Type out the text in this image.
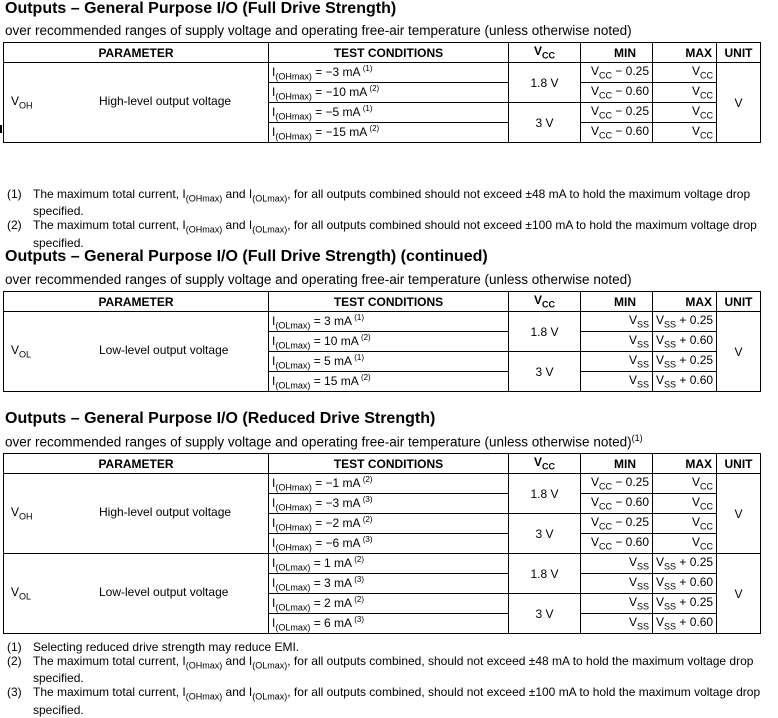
Outputs – General Purpose I/O (Full Drive Strength)
over recommended ranges of supply voltage and operating free-air temperature (unless otherwise noted)
PARAMETER	TEST CONDITIONS	$V_{CC}$	MIN	MAX	UNIT

$V_{OH}$ High-level output voltage	$I_{(OHmax)} = -3$ mA $^{(1)}$	1.8 V	$V_{CC} - 0.25$	$V_{CC}$	V
	$I_{(OHmax)} = -10$ mA $^{(2)}$		$V_{CC} - 0.60$	$V_{CC}$
	$I_{(OHmax)} = -5$ mA $^{(1)}$	3 V	$V_{CC} - 0.25$	$V_{CC}$
	$I_{(OHmax)} = -15$ mA $^{(2)}$		$V_{CC} - 0.60$	$V_{CC}$
(1) The maximum total current, $I_{(OHmax)}$ and $I_{(OLmax)}$, for all outputs combined should not exceed ±48 mA to hold the maximum voltage drop specified.
(2) The maximum total current, $I_{(OHmax)}$ and $I_{(OLmax)}$, for all outputs combined should not exceed ±100 mA to hold the maximum voltage drop specified.
Outputs – General Purpose I/O (Full Drive Strength) (continued)
over recommended ranges of supply voltage and operating free-air temperature (unless otherwise noted)
PARAMETER	TEST CONDITIONS	$V_{CC}$	MIN	MAX	UNIT

$V_{OL}$ Low-level output voltage	$I_{(OLmax)} = 3$ mA $^{(1)}$	1.8 V	$V_{SS}$	$V_{SS} + 0.25$	V
	$I_{(OLmax)} = 10$ mA $^{(2)}$		$V_{SS}$	$V_{SS} + 0.60$	
	$I_{(OLmax)} = 5$ mA $^{(1)}$	3 V	$V_{SS}$	$V_{SS} + 0.25$	
	$I_{(OLmax)} = 15$ mA $^{(2)}$		$V_{SS}$	$V_{SS} + 0.60$	
Outputs – General Purpose I/O (Reduced Drive Strength)
over recommended ranges of supply voltage and operating free-air temperature (unless otherwise noted)$^{(1)}$
PARAMETER	TEST CONDITIONS	$V_{CC}$	MIN	MAX	UNIT

$V_{OH}$ High-level output voltage	$I_{(OHmax)} = -1$ mA $^{(2)}$	1.8 V	$V_{CC} - 0.25$	$V_{CC}$	V
	$I_{(OHmax)} = -3$ mA $^{(3)}$		$V_{CC} - 0.60$	$V_{CC}$
	$I_{(OHmax)} = -2$ mA $^{(2)}$	3 V	$V_{CC} - 0.25$	$V_{CC}$
	$I_{(OHmax)} = -6$ mA $^{(3)}$		$V_{CC} - 0.60$	$V_{CC}$

$V_{OL}$ Low-level output voltage	$I_{(OLmax)} = 1$ mA $^{(2)}$	1.8 V	$V_{SS}$	$V_{SS} + 0.25$	V
	$I_{(OLmax)} = 3$ mA $^{(3)}$		$V_{SS}$	$V_{SS} + 0.60$	
	$I_{(OLmax)} = 2$ mA $^{(2)}$	3 V	$V_{SS}$	$V_{SS} + 0.25$	
	$I_{(OLmax)} = 6$ mA $^{(3)}$		$V_{SS}$	$V_{SS} + 0.60$	
(1) Selecting reduced drive strength may reduce EMI.
(2) The maximum total current, $I_{(OHmax)}$ and $I_{(OLmax)}$, for all outputs combined, should not exceed ±48 mA to hold the maximum voltage drop specified.
(3) The maximum total current, $I_{(OHmax)}$ and $I_{(OLmax)}$, for all outputs combined, should not exceed ±100 mA to hold the maximum voltage drop specified.
